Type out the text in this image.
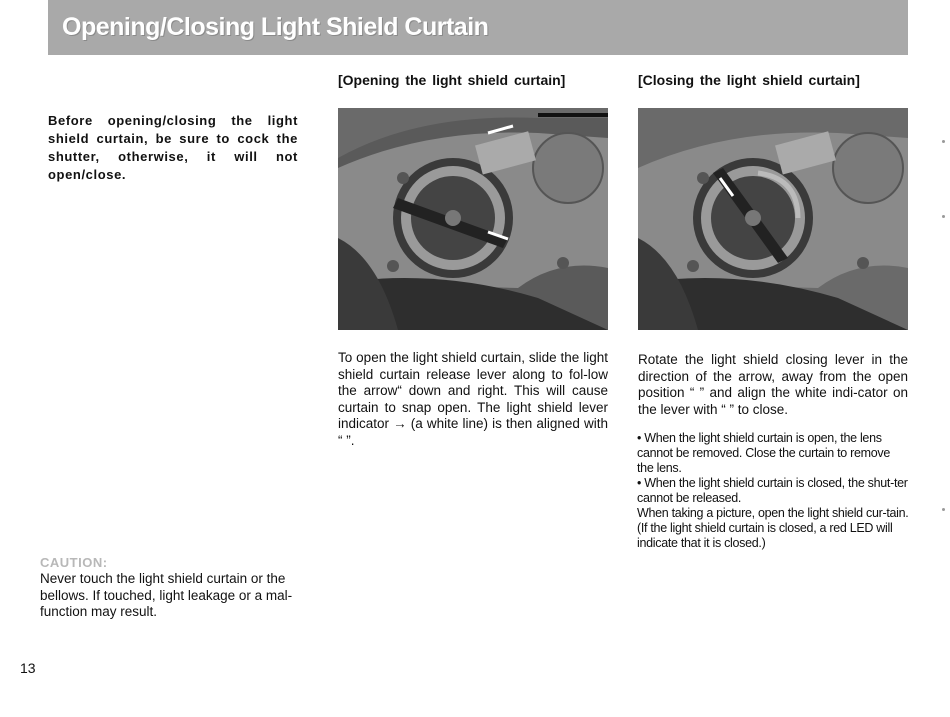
Opening/Closing Light Shield Curtain
Before opening/closing the light shield curtain, be sure to cock the shutter, otherwise, it will not open/close.
[Opening the light shield curtain]	[Closing the light shield curtain]
To open the light shield curtain, slide the light shield curtain release lever along to fol-low the arrow“ down and right. This will cause curtain to snap open. The light shield lever indicator → (a white line) is then aligned with “ ”.
Rotate the light shield closing lever in the direction of the arrow, away from the open position “ ” and align the white indi-cator on the lever with “ ” to close.
• When the light shield curtain is open, the lens cannot be removed. Close the curtain to remove the lens.
• When the light shield curtain is closed, the shut-ter cannot be released.
When taking a picture, open the light shield cur-tain.
(If the light shield curtain is closed, a red LED will indicate that it is closed.)
CAUTION:
Never touch the light shield curtain or the bellows. If touched, light leakage or a mal-function may result.
13
